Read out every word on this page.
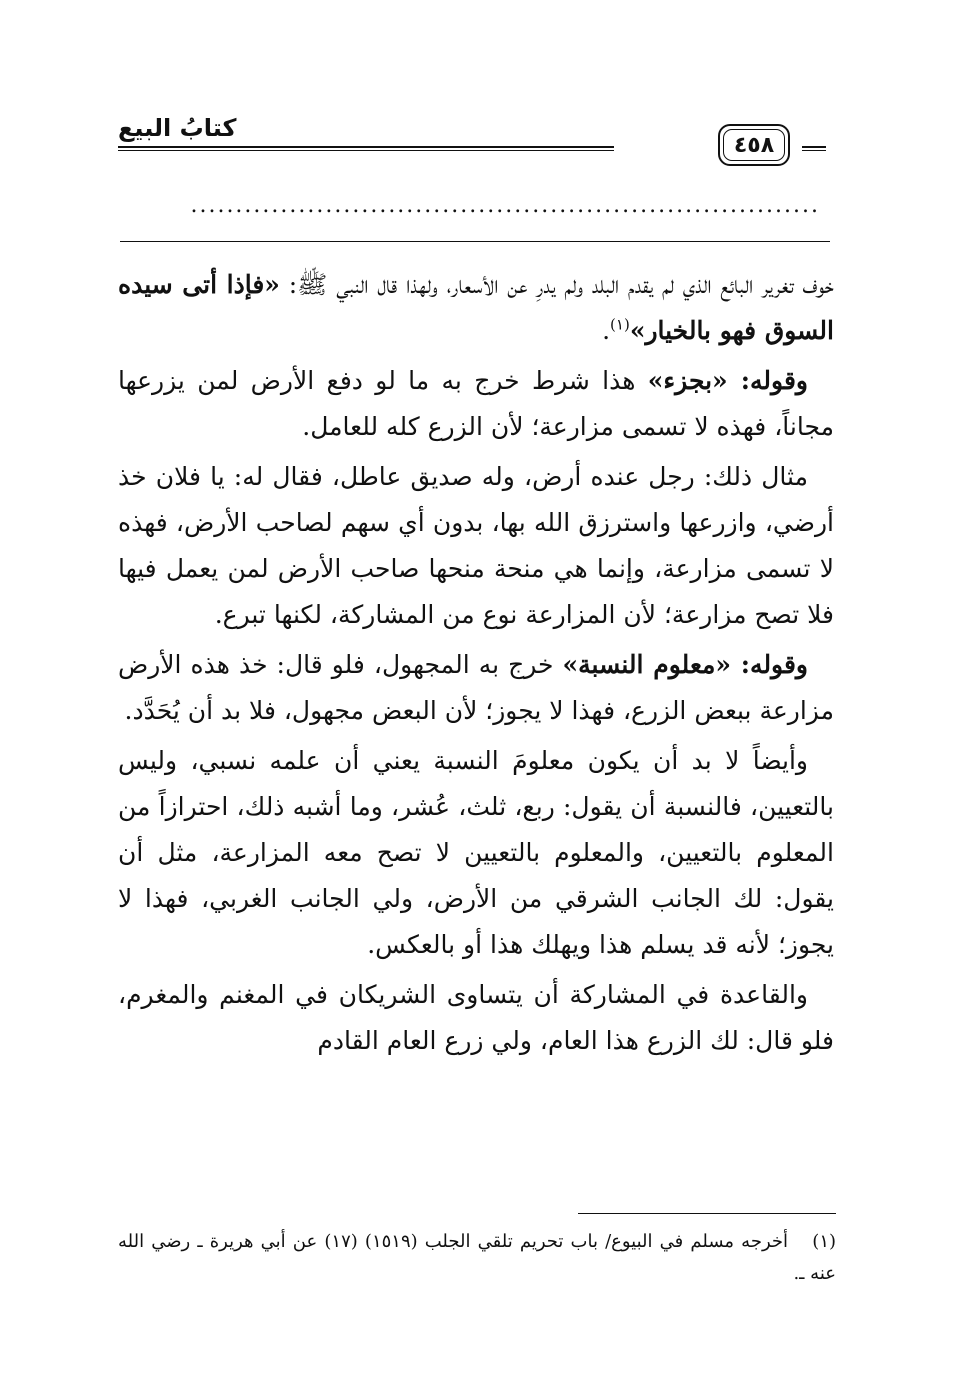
كتابُ البيع
٤٥٨
......................................................................

خوف تغرير البائع الذي لم يقدم البلد ولم يدرِ عن الأسعار، ولهذا قال النبي ﷺ: «فإذا أتى سيده السوق فهو بالخيار»$^{(١)}$.

وقوله: «بجزء» هذا شرط خرج به ما لو دفع الأرض لمن يزرعها مجاناً، فهذه لا تسمى مزارعة؛ لأن الزرع كله للعامل.

مثال ذلك: رجل عنده أرض، وله صديق عاطل، فقال له: يا فلان خذ أرضي، وازرعها واسترزق الله بها، بدون أي سهم لصاحب الأرض، فهذه لا تسمى مزارعة، وإنما هي منحة منحها صاحب الأرض لمن يعمل فيها فلا تصح مزارعة؛ لأن المزارعة نوع من المشاركة، لكنها تبرع.

وقوله: «معلوم النسبة» خرج به المجهول، فلو قال: خذ هذه الأرض مزارعة ببعض الزرع، فهذا لا يجوز؛ لأن البعض مجهول، فلا بد أن يُحَدَّد.

وأيضاً لا بد أن يكون معلومَ النسبة يعني أن علمه نسبي، وليس بالتعيين، فالنسبة أن يقول: ربع، ثلث، عُشر، وما أشبه ذلك، احترازاً من المعلوم بالتعيين، والمعلوم بالتعيين لا تصح معه المزارعة، مثل أن يقول: لك الجانب الشرقي من الأرض، ولي الجانب الغربي، فهذا لا يجوز؛ لأنه قد يسلم هذا ويهلك هذا أو بالعكس.

والقاعدة في المشاركة أن يتساوى الشريكان في المغنم والمغرم، فلو قال: لك الزرع هذا العام، ولي زرع العام القادم

(١)أخرجه مسلم في البيوع/ باب تحريم تلقي الجلب (١٥١٩) (١٧) عن أبي هريرة ـ رضي الله عنه ـ.
